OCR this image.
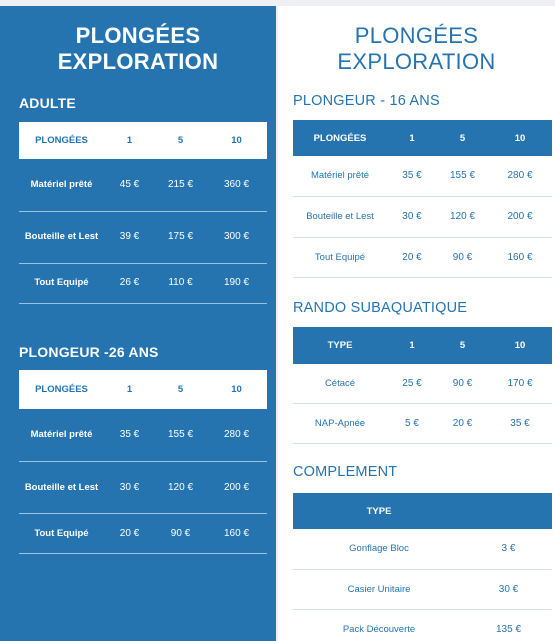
PLONGÉES
EXPLORATION
ADULTE
PLONGÉES	1	5	10
Matériel prêté	45 €	215 €	360 €
Bouteille et Lest	39 €	175 €	300 €
Tout Equipé	26 €	110 €	190 €
PLONGEUR -26 ANS
PLONGÉES	1	5	10
Matériel prêté	35 €	155 €	280 €
Bouteille et Lest	30 €	120 €	200 €
Tout Equipé	20 €	90 €	160 €
PLONGÉES
EXPLORATION
PLONGEUR - 16 ANS
PLONGÉES	1	5	10
Matériel prêté	35 €	155 €	280 €
Bouteille et Lest	30 €	120 €	200 €
Tout Equipé	20 €	90 €	160 €
RANDO SUBAQUATIQUE
TYPE	1	5	10
Cétacé	25 €	90 €	170 €
NAP-Apnée	5 €	20 €	35 €
COMPLEMENT
TYPE	
Gonflage Bloc	3 €
Casier Unitaire	30 €
Pack Découverte	135 €
